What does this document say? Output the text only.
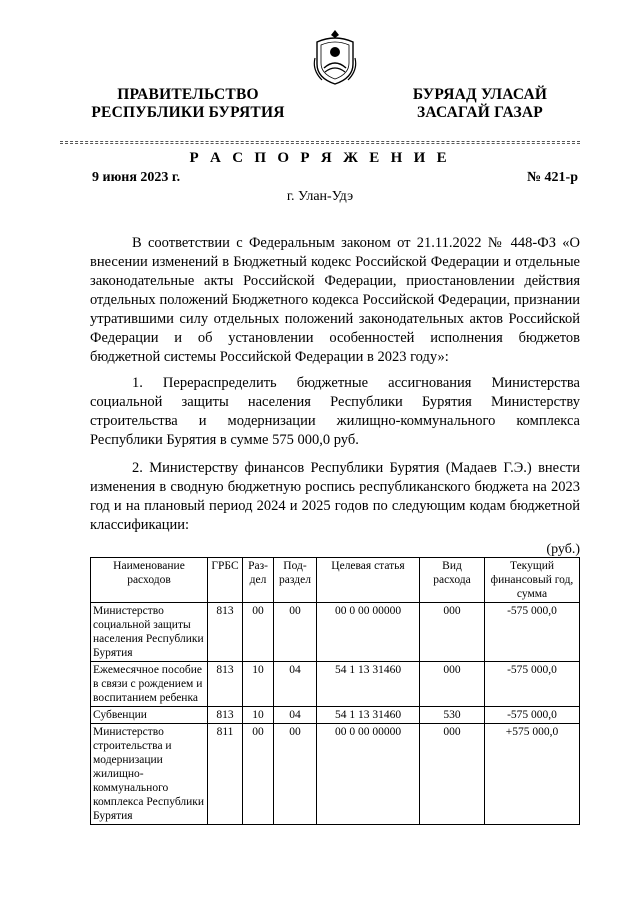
ПРАВИТЕЛЬСТВО
РЕСПУБЛИКИ БУРЯТИЯ
БУРЯАД УЛАСАЙ
ЗАСАГАЙ ГАЗАР
Р А С П О Р Я Ж Е Н И Е
9 июня 2023 г.	№ 421-р
г. Улан-Удэ
В соответствии с Федеральным законом от 21.11.2022 № 448-ФЗ «О внесении изменений в Бюджетный кодекс Российской Федерации и отдельные законодательные акты Российской Федерации, приостановлении действия отдельных положений Бюджетного кодекса Российской Федерации, признании утратившими силу отдельных положений законодательных актов Российской Федерации и об установлении особенностей исполнения бюджетов бюджетной системы Российской Федерации в 2023 году»:
1. Перераспределить бюджетные ассигнования Министерства социальной защиты населения Республики Бурятия Министерству строительства и модернизации жилищно-коммунального комплекса Республики Бурятия в сумме 575 000,0 руб.
2. Министерству финансов Республики Бурятия (Мадаев Г.Э.) внести изменения в сводную бюджетную роспись республиканского бюджета на 2023 год и на плановый период 2024 и 2025 годов по следующим кодам бюджетной классификации:
(руб.)
Наименование расходов	ГРБС	Раз-дел	Под-раздел	Целевая статья	Вид расхода	Текущий финансовый год, сумма
Министерство социальной защиты населения Республики Бурятия	813	00	00	00 0 00 00000	000	-575 000,0
Ежемесячное пособие в связи с рождением и воспитанием ребенка	813	10	04	54 1 13 31460	000	-575 000,0
Субвенции	813	10	04	54 1 13 31460	530	-575 000,0
Министерство строительства и модернизации жилищно-коммунального комплекса Республики Бурятия	811	00	00	00 0 00 00000	000	+575 000,0
